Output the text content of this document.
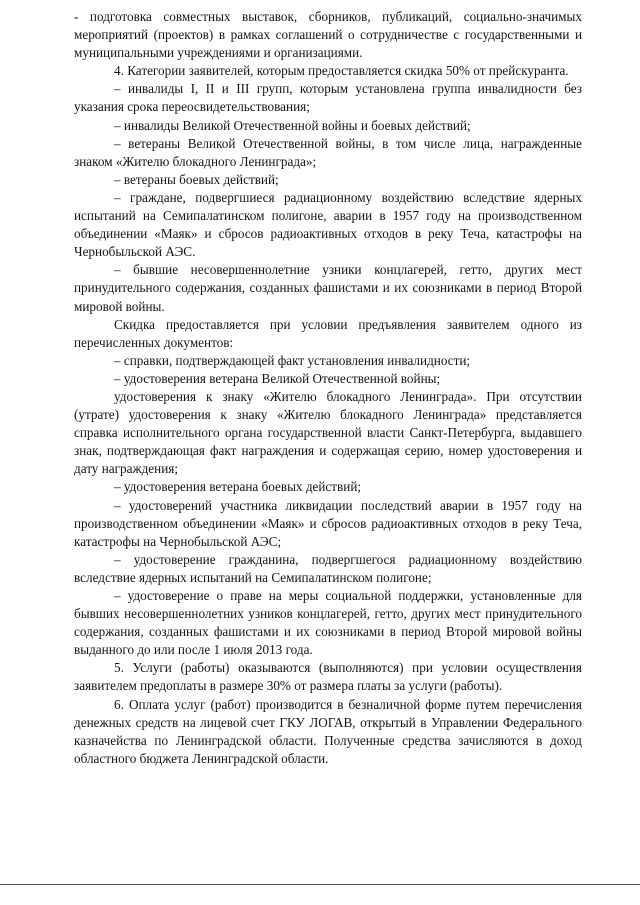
- подготовка совместных выставок, сборников, публикаций, социально-значимых мероприятий (проектов) в рамках соглашений о сотрудничестве с государственными и муниципальными учреждениями и организациями.

4. Категории заявителей, которым предоставляется скидка 50% от прейскуранта.

– инвалиды I, II и III групп, которым установлена группа инвалидности без указания срока переосвидетельствования;

– инвалиды Великой Отечественной войны и боевых действий;

– ветераны Великой Отечественной войны, в том числе лица, награжденные знаком «Жителю блокадного Ленинграда»;

– ветераны боевых действий;

– граждане, подвергшиеся радиационному воздействию вследствие ядерных испытаний на Семипалатинском полигоне, аварии в 1957 году на производственном объединении «Маяк» и сбросов радиоактивных отходов в реку Теча, катастрофы на Чернобыльской АЭС.

– бывшие несовершеннолетние узники концлагерей, гетто, других мест принудительного содержания, созданных фашистами и их союзниками в период Второй мировой войны.

Скидка предоставляется при условии предъявления заявителем одного из перечисленных документов:

– справки, подтверждающей факт установления инвалидности;

– удостоверения ветерана Великой Отечественной войны;

удостоверения к знаку «Жителю блокадного Ленинграда». При отсутствии (утрате) удостоверения к знаку «Жителю блокадного Ленинграда» представляется справка исполнительного органа государственной власти Санкт-Петербурга, выдавшего знак, подтверждающая факт награждения и содержащая серию, номер удостоверения и дату награждения;

– удостоверения ветерана боевых действий;

– удостоверений участника ликвидации последствий аварии в 1957 году на производственном объединении «Маяк» и сбросов радиоактивных отходов в реку Теча, катастрофы на Чернобыльской АЭС;

– удостоверение гражданина, подвергшегося радиационному воздействию вследствие ядерных испытаний на Семипалатинском полигоне;

– удостоверение о праве на меры социальной поддержки, установленные для бывших несовершеннолетних узников концлагерей, гетто, других мест принудительного содержания, созданных фашистами и их союзниками в период Второй мировой войны выданного до или после 1 июля 2013 года.

5. Услуги (работы) оказываются (выполняются) при условии осуществления заявителем предоплаты в размере 30% от размера платы за услуги (работы).

6. Оплата услуг (работ) производится в безналичной форме путем перечисления денежных средств на лицевой счет ГКУ ЛОГАВ, открытый в Управлении Федерального казначейства по Ленинградской области. Полученные средства зачисляются в доход областного бюджета Ленинградской области.
